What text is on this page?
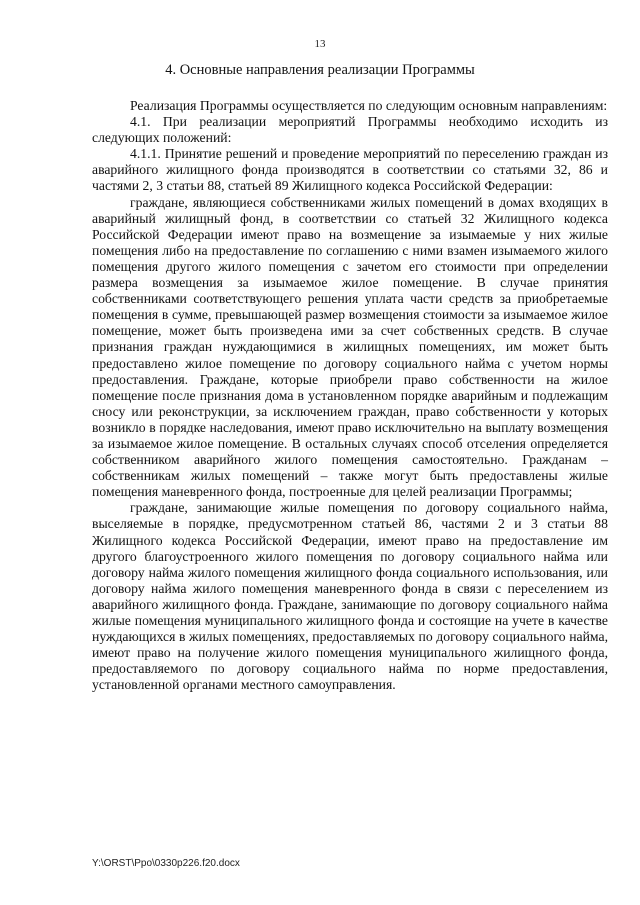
13
4. Основные направления реализации Программы

Реализация Программы осуществляется по следующим основным направлениям:

4.1. При реализации мероприятий Программы необходимо исходить из следующих положений:

4.1.1. Принятие решений и проведение мероприятий по переселению граждан из аварийного жилищного фонда производятся в соответствии со статьями 32, 86 и частями 2, 3 статьи 88, статьей 89 Жилищного кодекса Российской Федерации:

граждане, являющиеся собственниками жилых помещений в домах входящих в аварийный жилищный фонд, в соответствии со статьей 32 Жилищного кодекса Российской Федерации имеют право на возмещение за изымаемые у них жилые помещения либо на предоставление по соглашению с ними взамен изымаемого жилого помещения другого жилого помещения с зачетом его стоимости при определении размера возмещения за изымаемое жилое помещение. В случае принятия собственниками соответствующего решения уплата части средств за приобретаемые помещения в сумме, превышающей размер возмещения стоимости за изымаемое жилое помещение, может быть произведена ими за счет собственных средств. В случае признания граждан нуждающимися в жилищных помещениях, им может быть предоставлено жилое помещение по договору социального найма с учетом нормы предоставления. Граждане, которые приобрели право собственности на жилое помещение после признания дома в установленном порядке аварийным и подлежащим сносу или реконструкции, за исключением граждан, право собственности у которых возникло в порядке наследования, имеют право исключительно на выплату возмещения за изымаемое жилое помещение. В остальных случаях способ отселения определяется собственником аварийного жилого помещения самостоятельно. Гражданам – собственникам жилых помещений – также могут быть предоставлены жилые помещения маневренного фонда, построенные для целей реализации Программы;

граждане, занимающие жилые помещения по договору социального найма, выселяемые в порядке, предусмотренном статьей 86, частями 2 и 3 статьи 88 Жилищного кодекса Российской Федерации, имеют право на предоставление им другого благоустроенного жилого помещения по договору социального найма или договору найма жилого помещения жилищного фонда социального использования, или договору найма жилого помещения маневренного фонда в связи с переселением из аварийного жилищного фонда. Граждане, занимающие по договору социального найма жилые помещения муниципального жилищного фонда и состоящие на учете в качестве нуждающихся в жилых помещениях, предоставляемых по договору социального найма, имеют право на получение жилого помещения муниципального жилищного фонда, предоставляемого по договору социального найма по норме предоставления, установленной органами местного самоуправления.

Y:\ORST\Ppo\0330p226.f20.docx
